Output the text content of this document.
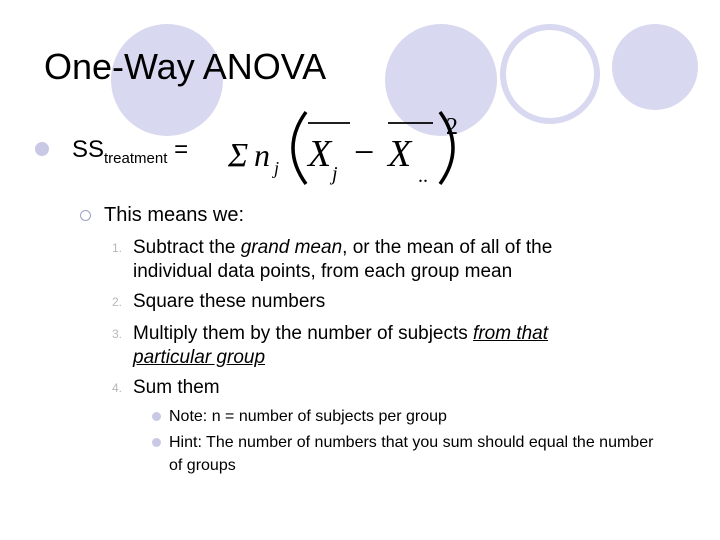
One-Way ANOVA
$SS_{treatment} = \Sigma$ n j X j
− X
..
2
This means we:
1. Subtract the grand mean, or the mean of all of the individual data points, from each group mean
2. Square these numbers
3. Multiply them by the number of subjects from that particular group
4. Sum them
Note: n = number of subjects per group
Hint: The number of numbers that you sum should equal the number of groups
